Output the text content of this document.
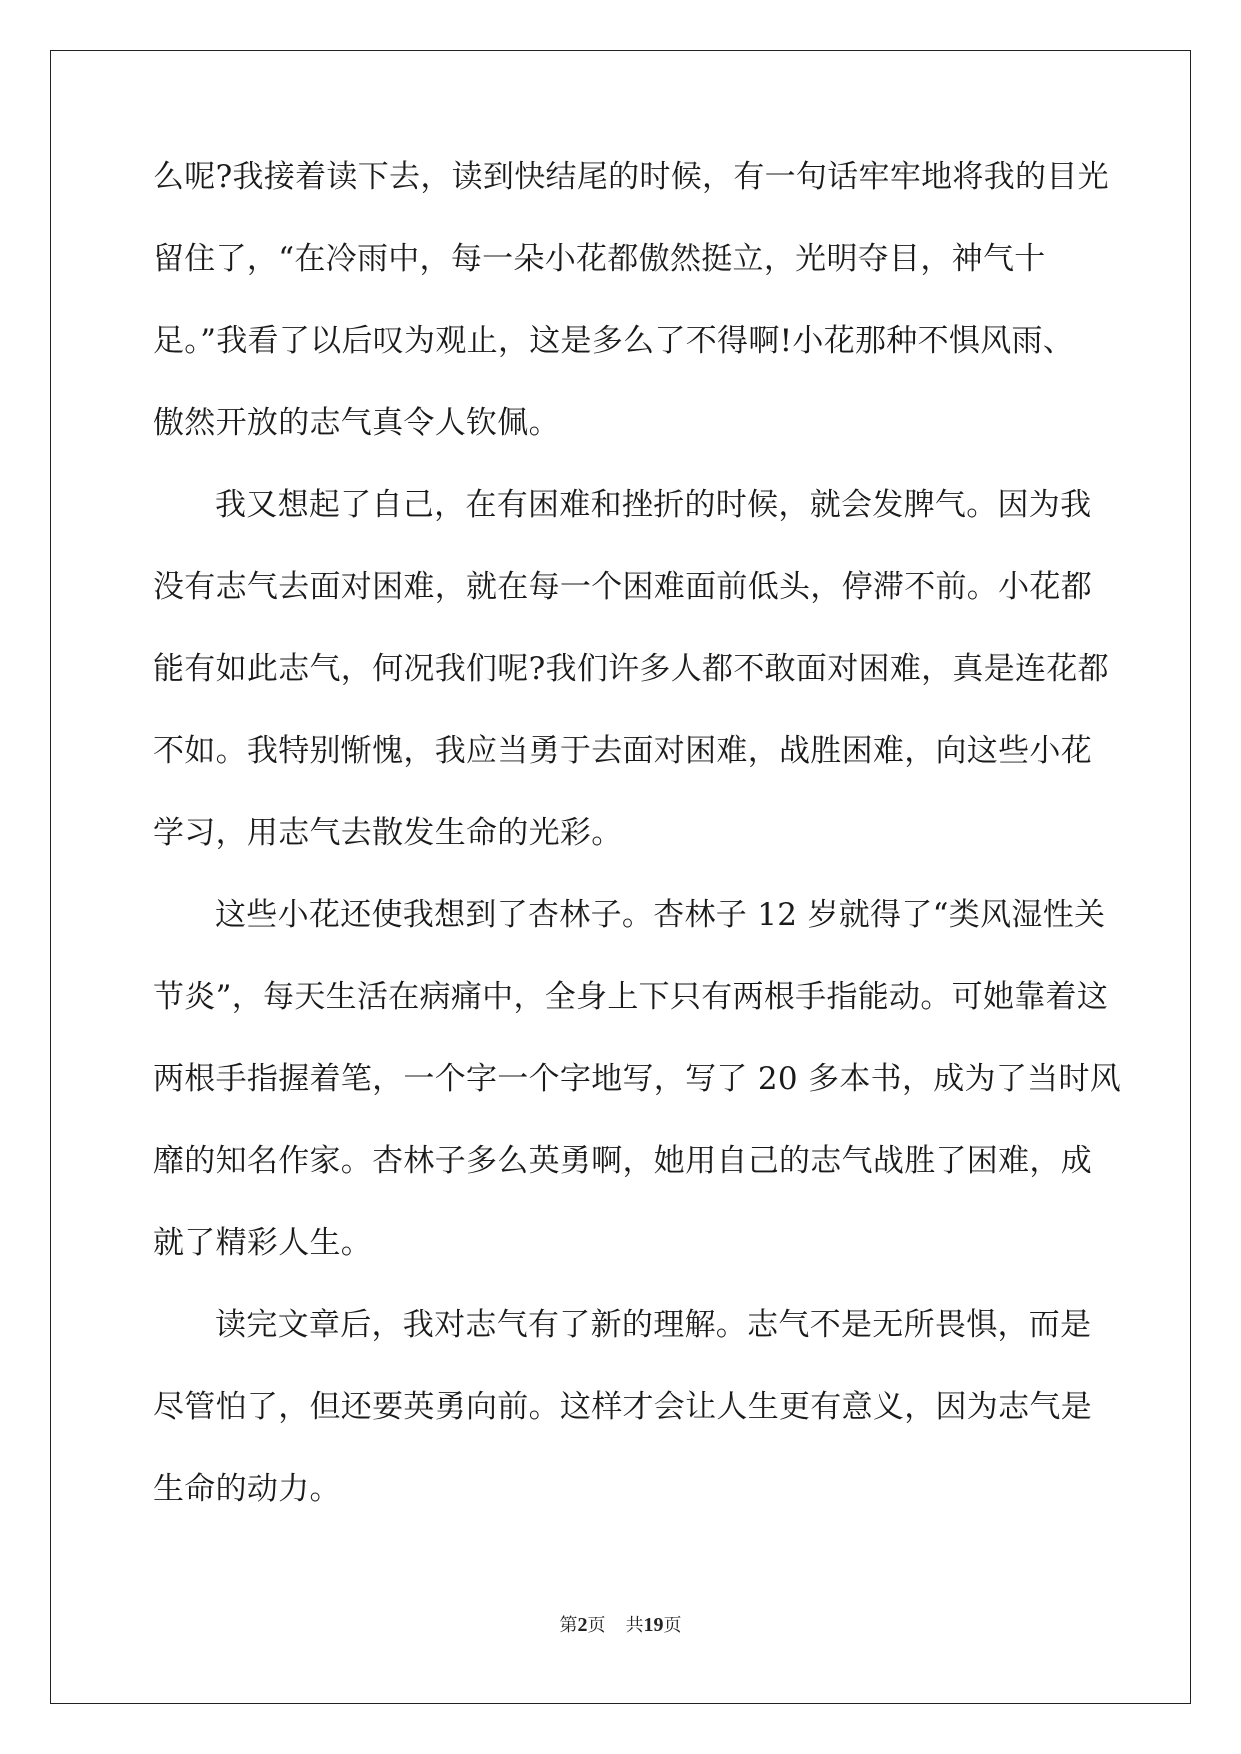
么呢?我接着读下去，读到快结尾的时候，有一句话牢牢地将我的目光
留住了，“在冷雨中，每一朵小花都傲然挺立，光明夺目，神气十
足。”我看了以后叹为观止，这是多么了不得啊!小花那种不惧风雨、
傲然开放的志气真令人钦佩。
我又想起了自己，在有困难和挫折的时候，就会发脾气。因为我
没有志气去面对困难，就在每一个困难面前低头，停滞不前。小花都
能有如此志气，何况我们呢?我们许多人都不敢面对困难，真是连花都
不如。我特别惭愧，我应当勇于去面对困难，战胜困难，向这些小花
学习，用志气去散发生命的光彩。
这些小花还使我想到了杏林子。杏林子 12 岁就得了“类风湿性关
节炎”，每天生活在病痛中，全身上下只有两根手指能动。可她靠着这
两根手指握着笔，一个字一个字地写，写了 20 多本书，成为了当时风
靡的知名作家。杏林子多么英勇啊，她用自己的志气战胜了困难，成
就了精彩人生。
读完文章后，我对志气有了新的理解。志气不是无所畏惧，而是
尽管怕了，但还要英勇向前。这样才会让人生更有意义，因为志气是
生命的动力。
第2页 共19页
